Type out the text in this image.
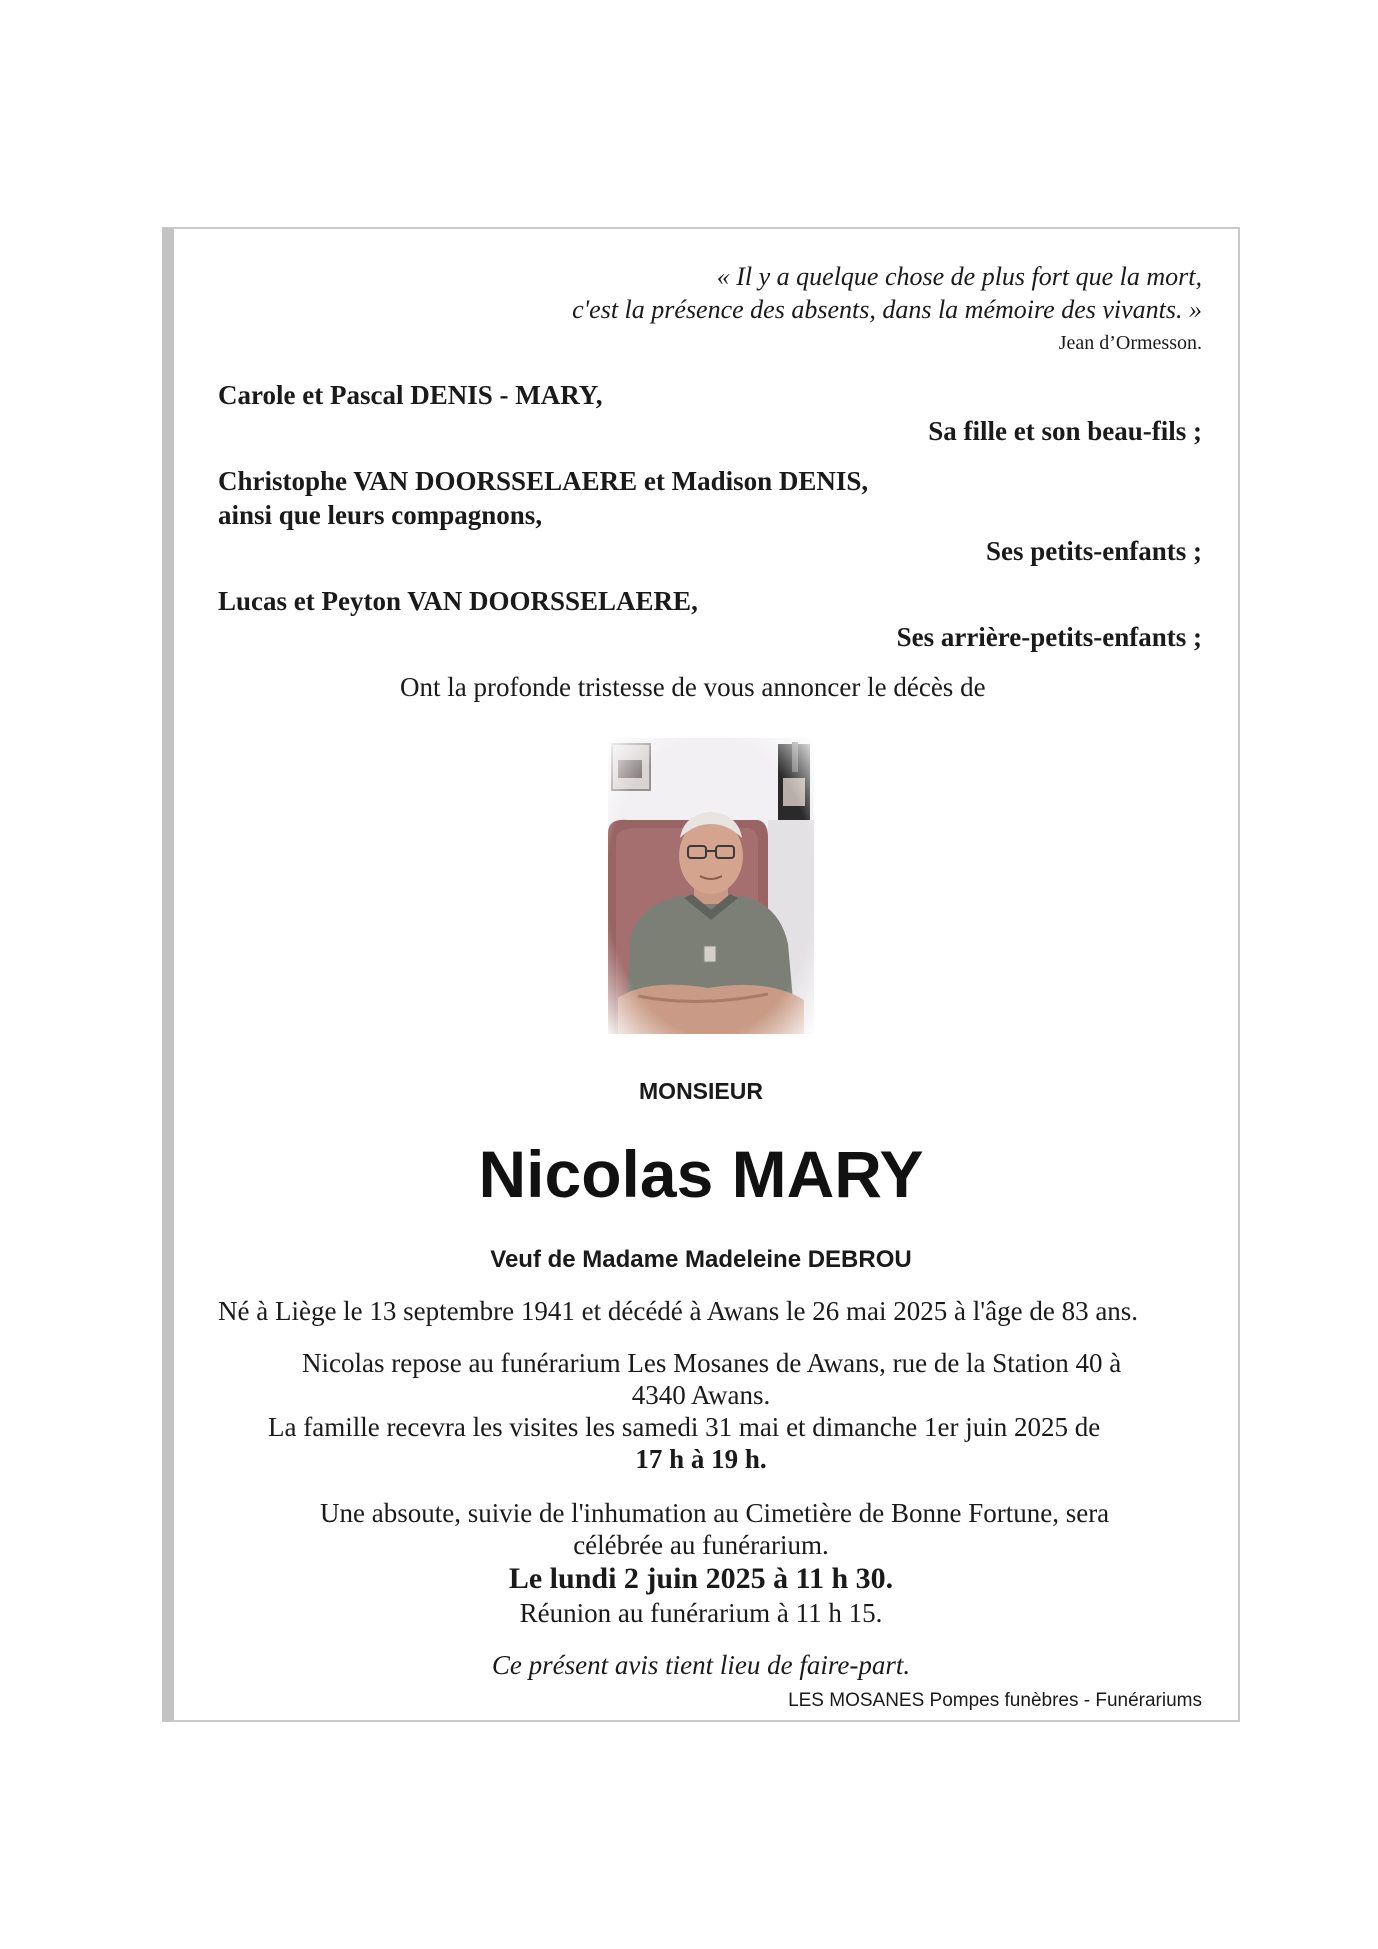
« Il y a quelque chose de plus fort que la mort,
c'est la présence des absents, dans la mémoire des vivants. »
Jean d’Ormesson.
Carole et Pascal DENIS - MARY,
Sa fille et son beau-fils ;
Christophe VAN DOORSSELAERE et Madison DENIS,
ainsi que leurs compagnons,
Ses petits-enfants ;
Lucas et Peyton VAN DOORSSELAERE,
Ses arrière-petits-enfants ;
Ont la profonde tristesse de vous annoncer le décès de
MONSIEUR
Nicolas MARY
Veuf de Madame Madeleine DEBROU
Né à Liège le 13 septembre 1941 et décédé à Awans le 26 mai 2025 à l'âge de 83 ans.
Nicolas repose au funérarium Les Mosanes de Awans, rue de la Station 40 à
4340 Awans.
La famille recevra les visites les samedi 31 mai et dimanche 1er juin 2025 de
17 h à 19 h.
Une absoute, suivie de l'inhumation au Cimetière de Bonne Fortune, sera
célébrée au funérarium.
Le lundi 2 juin 2025 à 11 h 30.
Réunion au funérarium à 11 h 15.
Ce présent avis tient lieu de faire-part.
LES MOSANES Pompes funèbres - Funérariums
